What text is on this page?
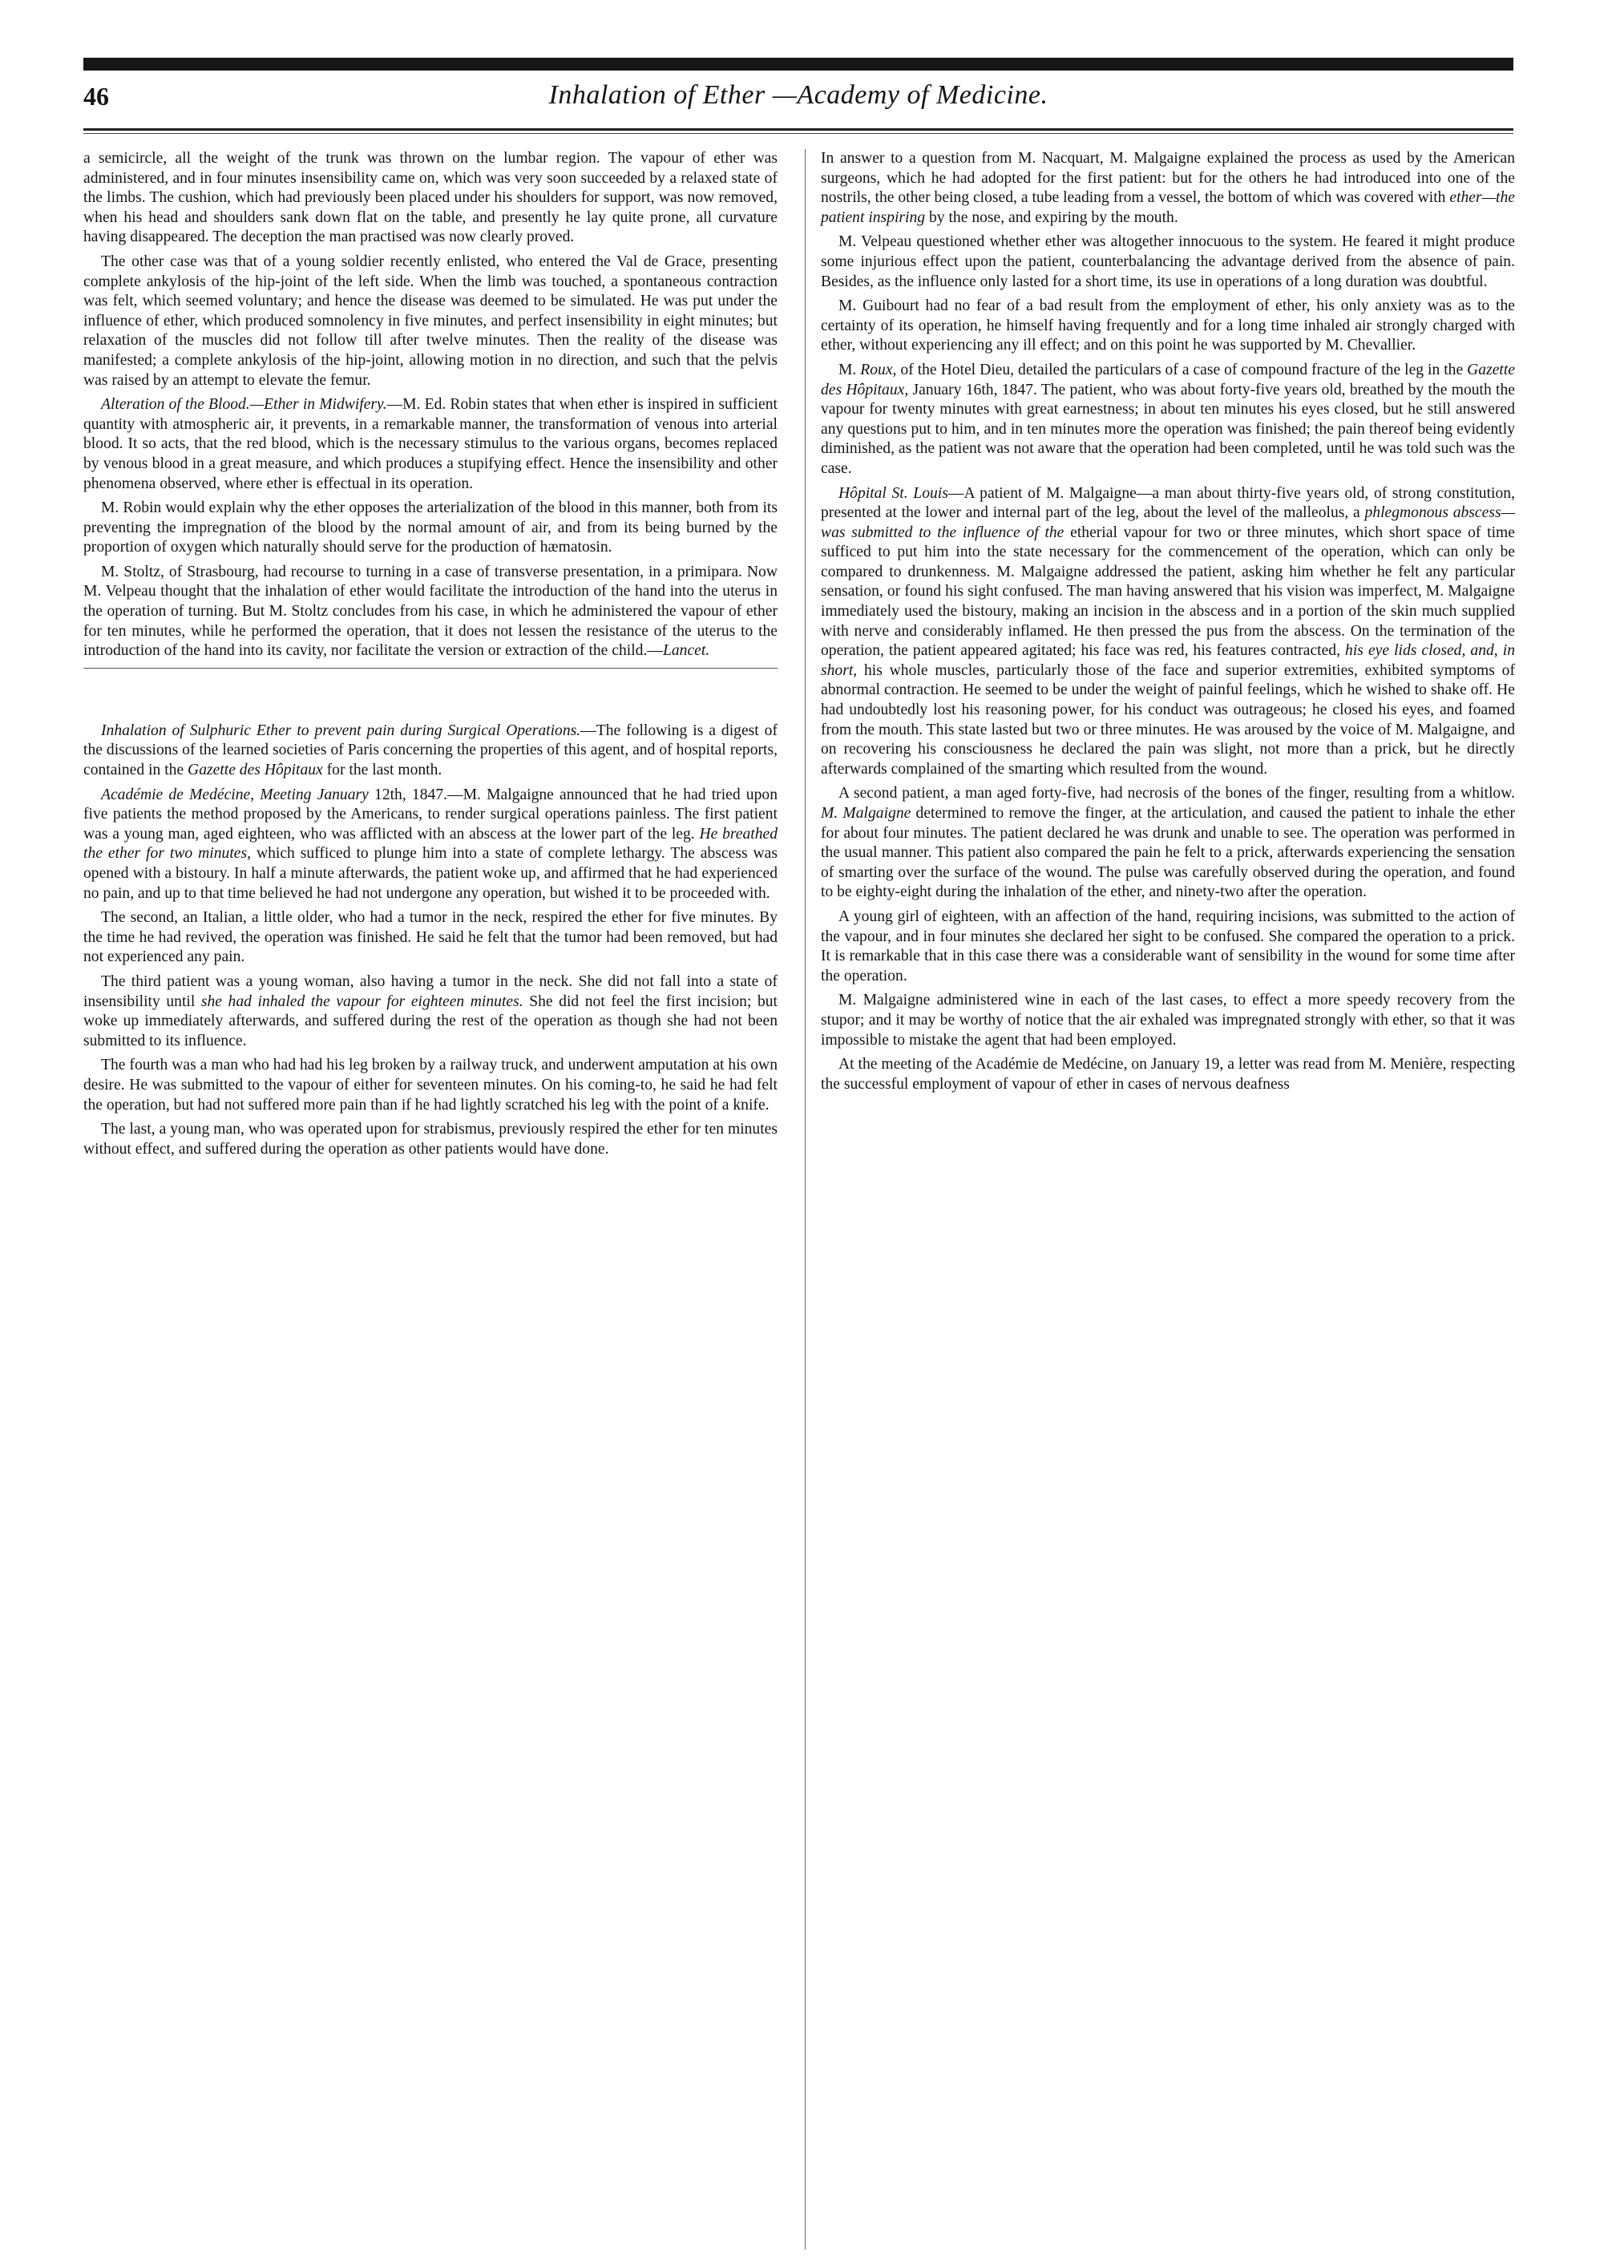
46	Inhalation of Ether —Academy of Medicine.

a semicircle, all the weight of the trunk was thrown on the lumbar region. The vapour of ether was administered, and in four minutes insensibility came on, which was very soon succeeded by a relaxed state of the limbs. The cushion, which had previously been placed under his shoulders for support, was now removed, when his head and shoulders sank down flat on the table, and presently he lay quite prone, all curvature having disappeared. The deception the man practised was now clearly proved.

The other case was that of a young soldier recently enlisted, who entered the Val de Grace, presenting complete ankylosis of the hip-joint of the left side. When the limb was touched, a spontaneous contraction was felt, which seemed voluntary; and hence the disease was deemed to be simulated. He was put under the influence of ether, which produced somnolency in five minutes, and perfect insensibility in eight minutes; but relaxation of the muscles did not follow till after twelve minutes. Then the reality of the disease was manifested; a complete ankylosis of the hip-joint, allowing motion in no direction, and such that the pelvis was raised by an attempt to elevate the femur.

Alteration of the Blood.—Ether in Midwifery.—M. Ed. Robin states that when ether is inspired in sufficient quantity with atmospheric air, it prevents, in a remarkable manner, the transformation of venous into arterial blood. It so acts, that the red blood, which is the necessary stimulus to the various organs, becomes replaced by venous blood in a great measure, and which produces a stupifying effect. Hence the insensibility and other phenomena observed, where ether is effectual in its operation.

M. Robin would explain why the ether opposes the arterialization of the blood in this manner, both from its preventing the impregnation of the blood by the normal amount of air, and from its being burned by the proportion of oxygen which naturally should serve for the production of hæmatosin.

M. Stoltz, of Strasbourg, had recourse to turning in a case of transverse presentation, in a primipara. Now M. Velpeau thought that the inhalation of ether would facilitate the introduction of the hand into the uterus in the operation of turning. But M. Stoltz concludes from his case, in which he administered the vapour of ether for ten minutes, while he performed the operation, that it does not lessen the resistance of the uterus to the introduction of the hand into its cavity, nor facilitate the version or extraction of the child.—Lancet.

Inhalation of Sulphuric Ether to prevent pain during Surgical Operations.—The following is a digest of the discussions of the learned societies of Paris concerning the properties of this agent, and of hospital reports, contained in the Gazette des Hôpitaux for the last month.

Académie de Medécine, Meeting January 12th, 1847.—M. Malgaigne announced that he had tried upon five patients the method proposed by the Americans, to render surgical operations painless. The first patient was a young man, aged eighteen, who was afflicted with an abscess at the lower part of the leg. He breathed the ether for two minutes, which sufficed to plunge him into a state of complete lethargy. The abscess was opened with a bistoury. In half a minute afterwards, the patient woke up, and affirmed that he had experienced no pain, and up to that time believed he had not undergone any operation, but wished it to be proceeded with.

The second, an Italian, a little older, who had a tumor in the neck, respired the ether for five minutes. By the time he had revived, the operation was finished. He said he felt that the tumor had been removed, but had not experienced any pain.

The third patient was a young woman, also having a tumor in the neck. She did not fall into a state of insensibility until she had inhaled the vapour for eighteen minutes. She did not feel the first incision; but woke up immediately afterwards, and suffered during the rest of the operation as though she had not been submitted to its influence.

The fourth was a man who had had his leg broken by a railway truck, and underwent amputation at his own desire. He was submitted to the vapour of either for seventeen minutes. On his coming-to, he said he had felt the operation, but had not suffered more pain than if he had lightly scratched his leg with the point of a knife.

The last, a young man, who was operated upon for strabismus, previously respired the ether for ten minutes without effect, and suffered during the operation as other patients would have done.

In answer to a question from M. Nacquart, M. Malgaigne explained the process as used by the American surgeons, which he had adopted for the first patient: but for the others he had introduced into one of the nostrils, the other being closed, a tube leading from a vessel, the bottom of which was covered with ether—the patient inspiring by the nose, and expiring by the mouth.

M. Velpeau questioned whether ether was altogether innocuous to the system. He feared it might produce some injurious effect upon the patient, counterbalancing the advantage derived from the absence of pain. Besides, as the influence only lasted for a short time, its use in operations of a long duration was doubtful.

M. Guibourt had no fear of a bad result from the employment of ether, his only anxiety was as to the certainty of its operation, he himself having frequently and for a long time inhaled air strongly charged with ether, without experiencing any ill effect; and on this point he was supported by M. Chevallier.

M. Roux, of the Hotel Dieu, detailed the particulars of a case of compound fracture of the leg in the Gazette des Hôpitaux, January 16th, 1847. The patient, who was about forty-five years old, breathed by the mouth the vapour for twenty minutes with great earnestness; in about ten minutes his eyes closed, but he still answered any questions put to him, and in ten minutes more the operation was finished; the pain thereof being evidently diminished, as the patient was not aware that the operation had been completed, until he was told such was the case.

Hôpital St. Louis—A patient of M. Malgaigne—a man about thirty-five years old, of strong constitution, presented at the lower and internal part of the leg, about the level of the malleolus, a phlegmonous abscess—was submitted to the influence of the etherial vapour for two or three minutes, which short space of time sufficed to put him into the state necessary for the commencement of the operation, which can only be compared to drunkenness. M. Malgaigne addressed the patient, asking him whether he felt any particular sensation, or found his sight confused. The man having answered that his vision was imperfect, M. Malgaigne immediately used the bistoury, making an incision in the abscess and in a portion of the skin much supplied with nerve and considerably inflamed. He then pressed the pus from the abscess. On the termination of the operation, the patient appeared agitated; his face was red, his features contracted, his eye lids closed, and, in short, his whole muscles, particularly those of the face and superior extremities, exhibited symptoms of abnormal contraction. He seemed to be under the weight of painful feelings, which he wished to shake off. He had undoubtedly lost his reasoning power, for his conduct was outrageous; he closed his eyes, and foamed from the mouth. This state lasted but two or three minutes. He was aroused by the voice of M. Malgaigne, and on recovering his consciousness he declared the pain was slight, not more than a prick, but he directly afterwards complained of the smarting which resulted from the wound.

A second patient, a man aged forty-five, had necrosis of the bones of the finger, resulting from a whitlow. M. Malgaigne determined to remove the finger, at the articulation, and caused the patient to inhale the ether for about four minutes. The patient declared he was drunk and unable to see. The operation was performed in the usual manner. This patient also compared the pain he felt to a prick, afterwards experiencing the sensation of smarting over the surface of the wound. The pulse was carefully observed during the operation, and found to be eighty-eight during the inhalation of the ether, and ninety-two after the operation.

A young girl of eighteen, with an affection of the hand, requiring incisions, was submitted to the action of the vapour, and in four minutes she declared her sight to be confused. She compared the operation to a prick. It is remarkable that in this case there was a considerable want of sensibility in the wound for some time after the operation.

M. Malgaigne administered wine in each of the last cases, to effect a more speedy recovery from the stupor; and it may be worthy of notice that the air exhaled was impregnated strongly with ether, so that it was impossible to mistake the agent that had been employed.

At the meeting of the Académie de Medécine, on January 19, a letter was read from M. Menière, respecting the successful employment of vapour of ether in cases of nervous deafness
